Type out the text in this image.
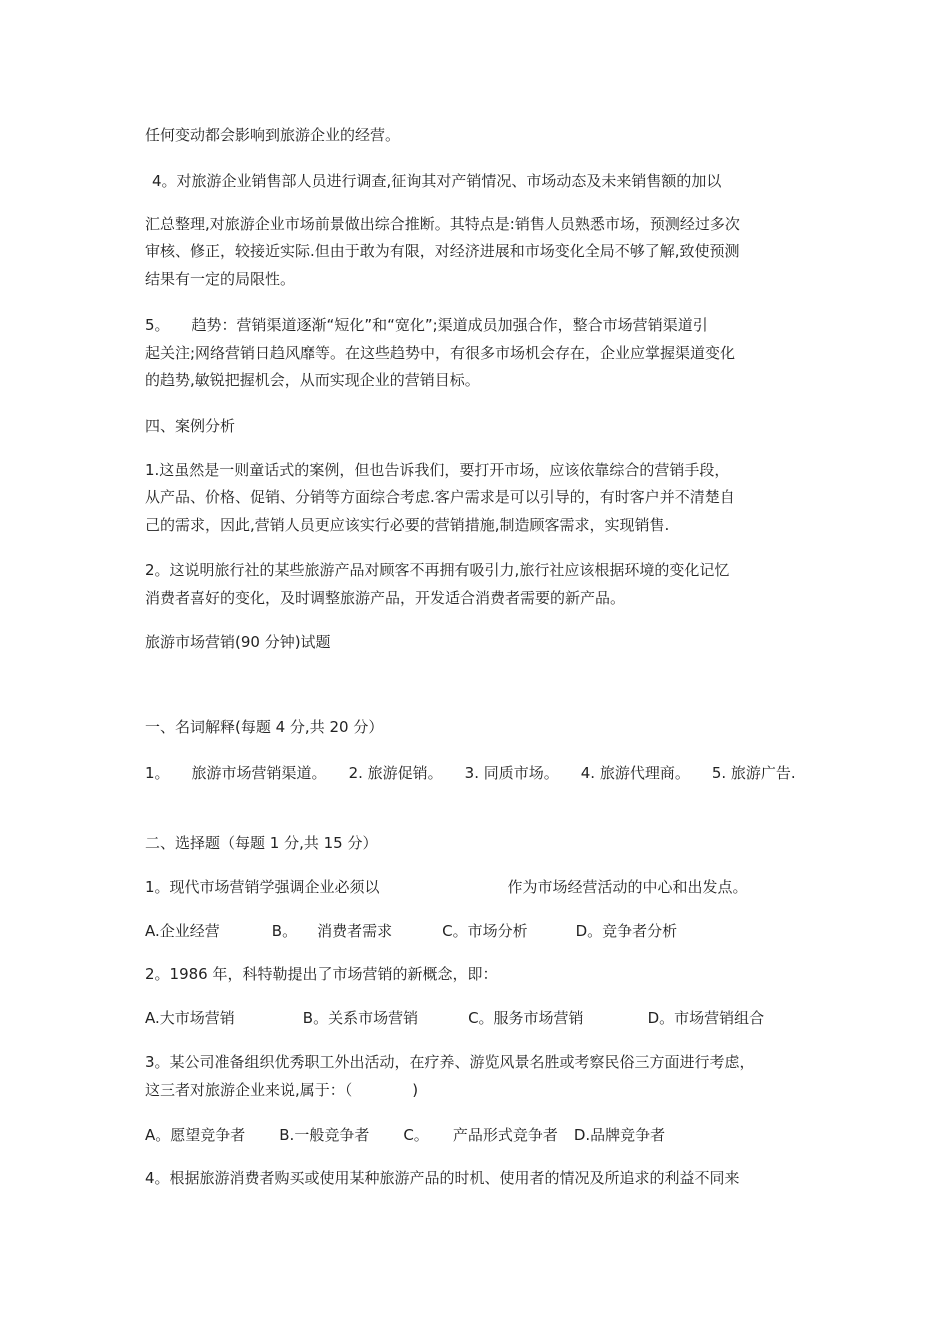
任何变动都会影响到旅游企业的经营。

4。对旅游企业销售部人员进行调查,征询其对产销情况、市场动态及未来销售额的加以

汇总整理,对旅游企业市场前景做出综合推断。其特点是:销售人员熟悉市场，预测经过多次

审核、修正，较接近实际.但由于敢为有限，对经济进展和市场变化全局不够了解,致使预测

结果有一定的局限性。

5。 趋势：营销渠道逐渐“短化”和“宽化”;渠道成员加强合作，整合市场营销渠道引

起关注;网络营销日趋风靡等。在这些趋势中，有很多市场机会存在，企业应掌握渠道变化

的趋势,敏锐把握机会，从而实现企业的营销目标。

四、案例分析

1.这虽然是一则童话式的案例，但也告诉我们，要打开市场，应该依靠综合的营销手段，

从产品、价格、促销、分销等方面综合考虑.客户需求是可以引导的，有时客户并不清楚自

己的需求，因此,营销人员更应该实行必要的营销措施,制造顾客需求，实现销售.

2。这说明旅行社的某些旅游产品对顾客不再拥有吸引力,旅行社应该根据环境的变化记忆

消费者喜好的变化，及时调整旅游产品，开发适合消费者需要的新产品。

旅游市场营销(90 分钟)试题

一、名词解释(每题 4 分,共 20 分）

1。 旅游市场营销渠道。 2. 旅游促销。 3. 同质市场。 4. 旅游代理商。 5. 旅游广告.

二、选择题（每题 1 分,共 15 分）

1。现代市场营销学强调企业必须以	作为市场经营活动的中心和出发点。

A.企业经营	B。 消费者需求	C。市场分析	D。竞争者分析

2。1986 年，科特勒提出了市场营销的新概念，即：

A.大市场营销	B。关系市场营销	C。服务市场营销	D。市场营销组合

3。某公司准备组织优秀职工外出活动，在疗养、游览风景名胜或考察民俗三方面进行考虑，

这三者对旅游企业来说,属于：（	)

A。愿望竞争者 B.一般竞争者 C。 产品形式竞争者 D.品牌竞争者

4。根据旅游消费者购买或使用某种旅游产品的时机、使用者的情况及所追求的利益不同来
